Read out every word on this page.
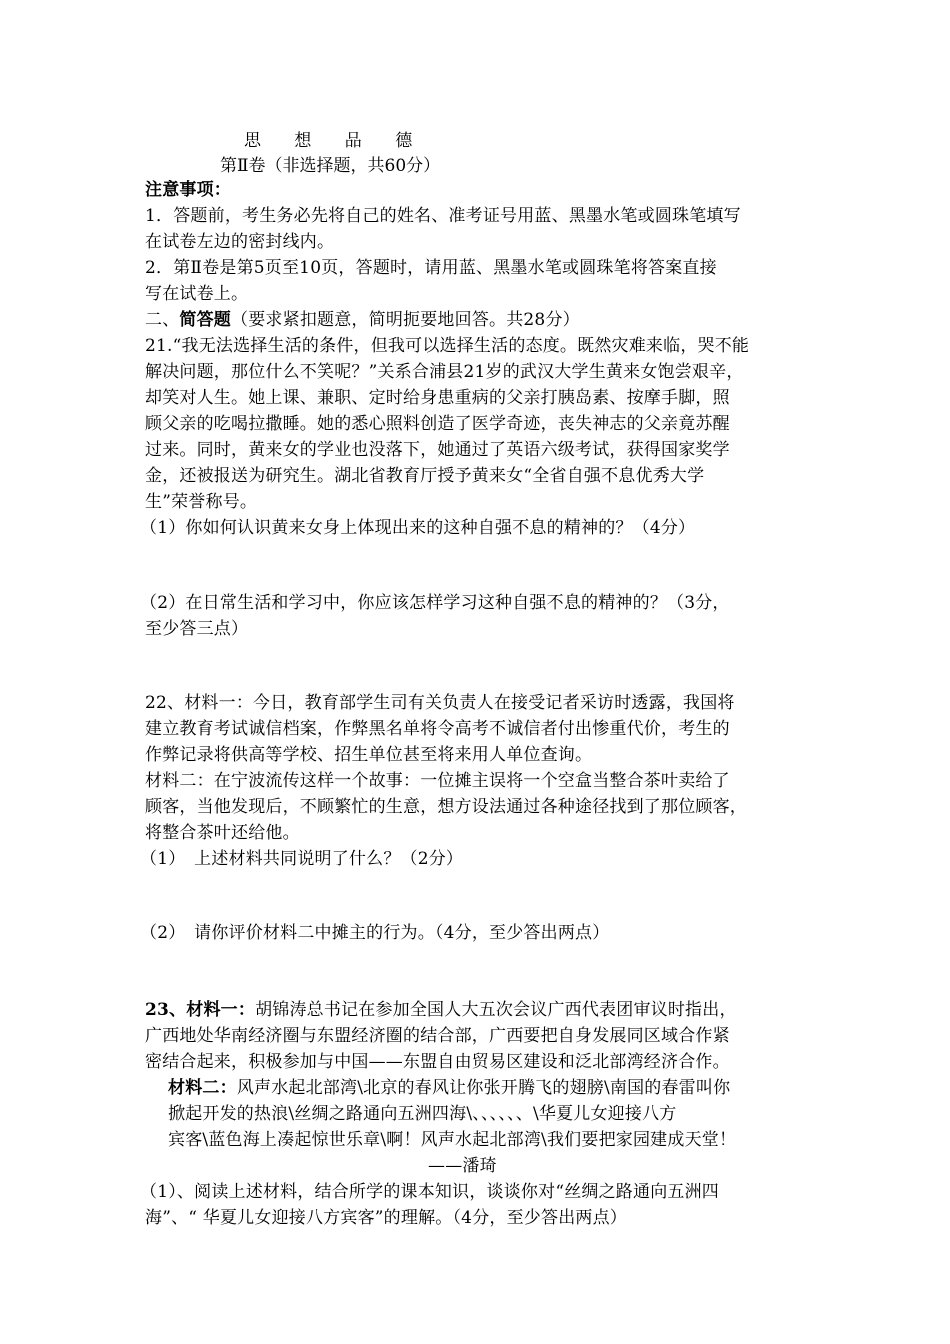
思 想 品 德
第Ⅱ卷（非选择题，共60分）
注意事项：
1．答题前，考生务必先将自己的姓名、准考证号用蓝、黑墨水笔或圆珠笔填写
在试卷左边的密封线内。
2．第Ⅱ卷是第5页至10页，答题时，请用蓝、黑墨水笔或圆珠笔将答案直接
写在试卷上。
二、简答题（要求紧扣题意，简明扼要地回答。共28分）
21.“我无法选择生活的条件，但我可以选择生活的态度。既然灾难来临，哭不能
解决问题，那位什么不笑呢？”关系合浦县21岁的武汉大学生黄来女饱尝艰辛，
却笑对人生。她上课、兼职、定时给身患重病的父亲打胰岛素、按摩手脚，照
顾父亲的吃喝拉撒睡。她的悉心照料创造了医学奇迹，丧失神志的父亲竟苏醒
过来。同时，黄来女的学业也没落下，她通过了英语六级考试，获得国家奖学
金，还被报送为研究生。湖北省教育厅授予黄来女“全省自强不息优秀大学
生”荣誉称号。
（1）你如何认识黄来女身上体现出来的这种自强不息的精神的？（4分）
（2）在日常生活和学习中，你应该怎样学习这种自强不息的精神的？（3分，
至少答三点）
22、材料一：今日，教育部学生司有关负责人在接受记者采访时透露，我国将
建立教育考试诚信档案，作弊黑名单将令高考不诚信者付出惨重代价，考生的
作弊记录将供高等学校、招生单位甚至将来用人单位查询。
材料二：在宁波流传这样一个故事：一位摊主误将一个空盒当整合茶叶卖给了
顾客，当他发现后，不顾繁忙的生意，想方设法通过各种途径找到了那位顾客，
将整合茶叶还给他。
（1）　上述材料共同说明了什么？（2分）
（2）　请你评价材料二中摊主的行为。（4分，至少答出两点）
23、材料一：胡锦涛总书记在参加全国人大五次会议广西代表团审议时指出，
广西地处华南经济圈与东盟经济圈的结合部，广西要把自身发展同区域合作紧
密结合起来，积极参加与中国——东盟自由贸易区建设和泛北部湾经济合作。
材料二：风声水起北部湾\北京的春风让你张开腾飞的翅膀\南国的春雷叫你
掀起开发的热浪\丝绸之路通向五洲四海\、、、、、、\华夏儿女迎接八方
宾客\蓝色海上凑起惊世乐章\啊！风声水起北部湾\我们要把家园建成天堂！
——潘琦
（1）、阅读上述材料，结合所学的课本知识，谈谈你对“丝绸之路通向五洲四
海”、“ 华夏儿女迎接八方宾客”的理解。（4分，至少答出两点）
